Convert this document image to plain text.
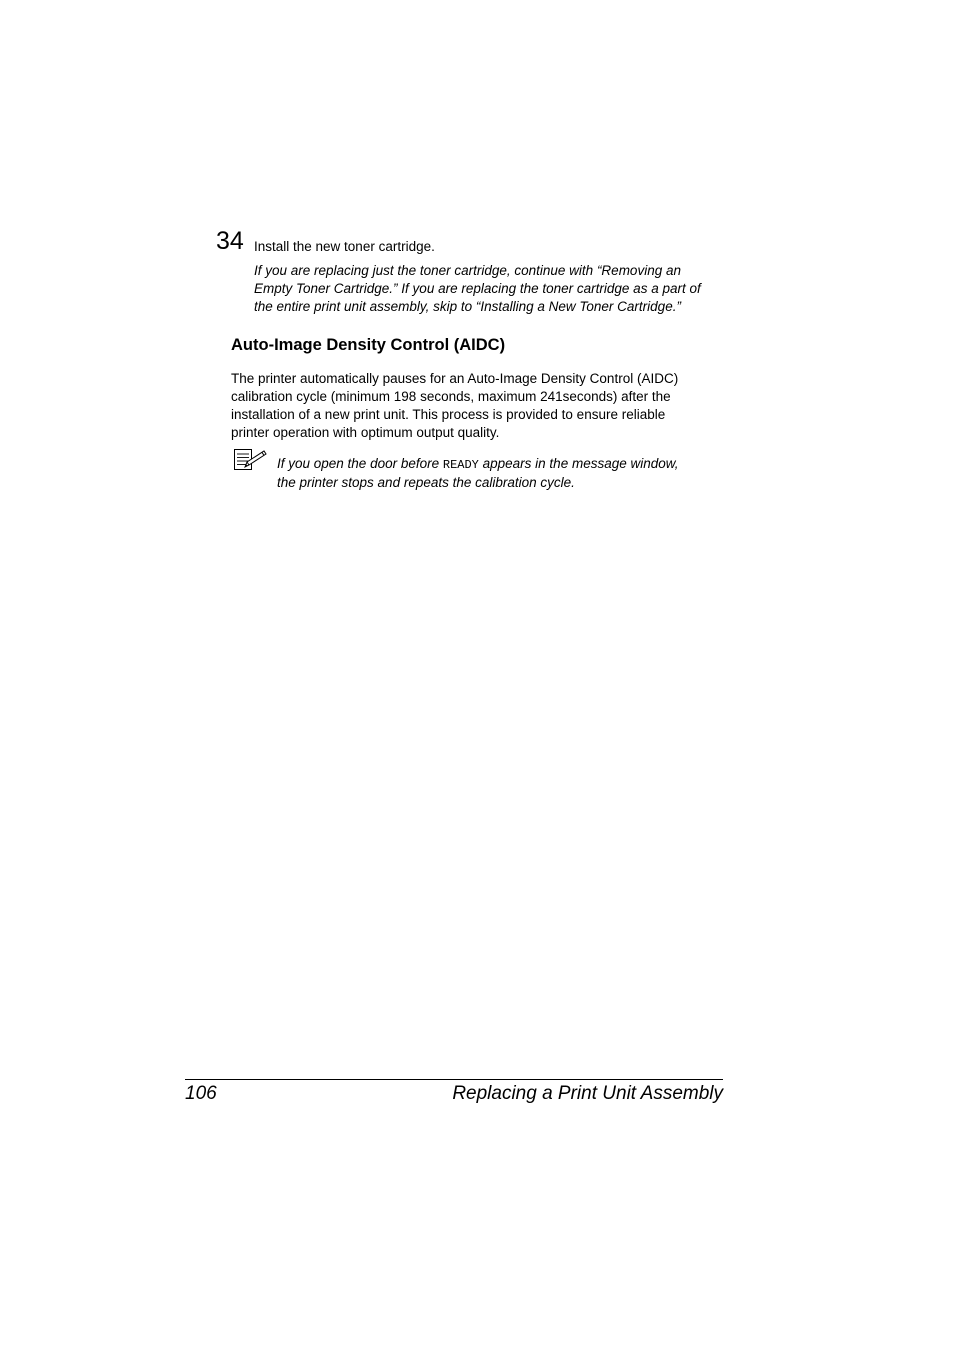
34 Install the new toner cartridge.
If you are replacing just the toner cartridge, continue with “Removing an
Empty Toner Cartridge.” If you are replacing the toner cartridge as a part of
the entire print unit assembly, skip to “Installing a New Toner Cartridge.”
Auto-Image Density Control (AIDC)
The printer automatically pauses for an Auto-Image Density Control (AIDC)
calibration cycle (minimum 198 seconds, maximum 241seconds) after the
installation of a new print unit. This process is provided to ensure reliable
printer operation with optimum output quality.
If you open the door before READY appears in the message window,
the printer stops and repeats the calibration cycle.
106	Replacing a Print Unit Assembly
